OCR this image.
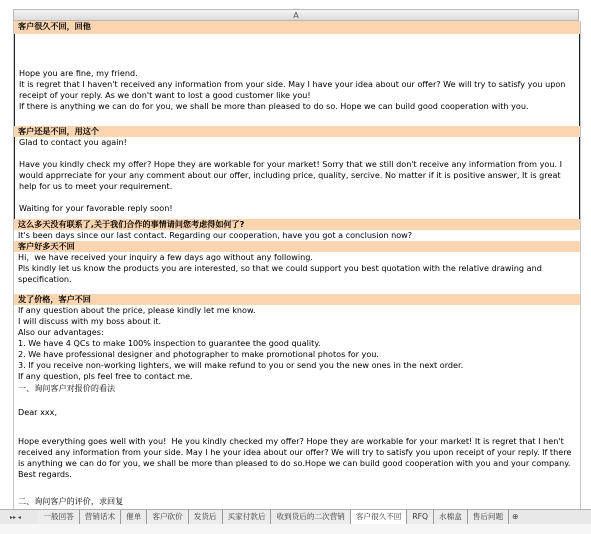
A
客户很久不回，回他
Hope you are fine, my friend.
It is regret that I haven't received any information from your side. May I have your idea about our offer? We will try to satisfy you upon receipt of your reply. As we don't want to lost a good customer like you!
If there is anything we can do for you, we shall be more than pleased to do so. Hope we can build good cooperation with you.
客户还是不回，用这个
Glad to contact you again!

Have you kindly check my offer? Hope they are workable for your market! Sorry that we still don't receive any information from you. I would apprreciate for your any comment about our offer, including price, quality, sercive. No matter if it is positive answer, It is great help for us to meet your requirement.

Waiting for your favorable reply soon!
这么多天没有联系了,关于我们合作的事情请问您考虑得如何了?
It's been days since our last contact. Regarding our cooperation, have you got a conclusion now?
客户好多天不回
Hi，we have received your inquiry a few days ago without any following.
Pls kindly let us know the products you are interested, so that we could support you best quotation with the relative drawing and specification.
发了价格，客户不回
If any question about the price, please kindly let me know.
I will discuss with my boss about it.
Also our advantages:
1. We have 4 QCs to make 100% inspection to guarantee the good quality.
2. We have professional designer and photographer to make promotional photos for you.
3. If you receive non-working lighters, we will make refund to you or send you the new ones in the next order.
If any question, pls feel free to contact me.
一、询问客户对报价的看法

Dear xxx,

Hope everything goes well with you!  He you kindly checked my offer? Hope they are workable for your market! It is regret that I hen't received any information from your side. May I he your idea about our offer? We will try to satisfy you upon receipt of your reply. If there is anything we can do for you, we shall be more than pleased to do so.Hope we can build good cooperation with you and your company. Best regards.
二、询问客户的评价，求回复
▸▸ ◂	一般回答 营销话术 催单 客户砍价 发货后 买家付款后 收到货后的二次营销 客户很久不回 RFQ 水棉盒 售后问题 ⊕
